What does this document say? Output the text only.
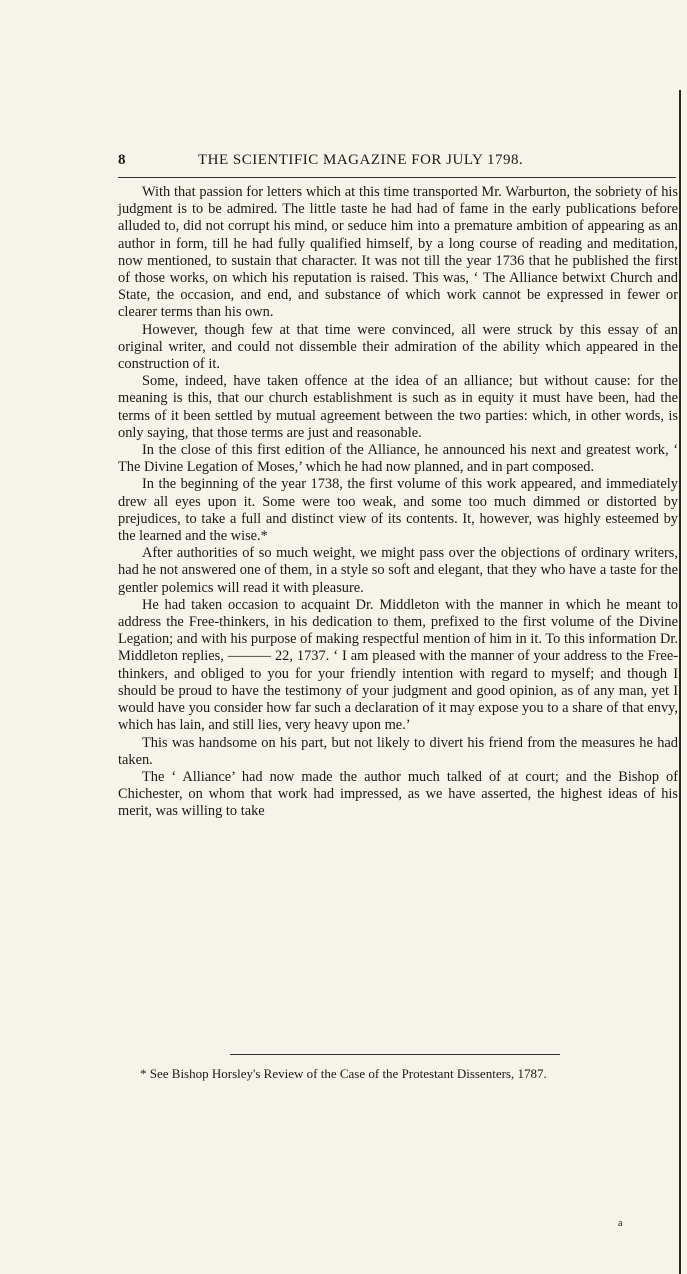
8	THE SCIENTIFIC MAGAZINE FOR JULY 1798.

With that passion for letters which at this time transported Mr. Warburton, the sobriety of his judgment is to be admired. The little taste he had had of fame in the early publications before alluded to, did not corrupt his mind, or seduce him into a premature ambition of appearing as an author in form, till he had fully qualified himself, by a long course of reading and meditation, now mentioned, to sustain that character. It was not till the year 1736 that he published the first of those works, on which his reputation is raised. This was, ‘ The Alliance betwixt Church and State, the occasion, and end, and substance of which work cannot be expressed in fewer or clearer terms than his own.

However, though few at that time were convinced, all were struck by this essay of an original writer, and could not dissemble their admiration of the ability which appeared in the construction of it.

Some, indeed, have taken offence at the idea of an alliance; but without cause: for the meaning is this, that our church establishment is such as in equity it must have been, had the terms of it been settled by mutual agreement between the two parties: which, in other words, is only saying, that those terms are just and reasonable.

In the close of this first edition of the Alliance, he announced his next and greatest work, ‘ The Divine Legation of Moses,’ which he had now planned, and in part composed.

In the beginning of the year 1738, the first volume of this work appeared, and immediately drew all eyes upon it. Some were too weak, and some too much dimmed or distorted by prejudices, to take a full and distinct view of its contents. It, however, was highly esteemed by the learned and the wise.*

After authorities of so much weight, we might pass over the objections of ordinary writers, had he not answered one of them, in a style so soft and elegant, that they who have a taste for the gentler polemics will read it with pleasure.

He had taken occasion to acquaint Dr. Middleton with the manner in which he meant to address the Free-thinkers, in his dedication to them, prefixed to the first volume of the Divine Legation; and with his purpose of making respectful mention of him in it. To this information Dr. Middleton replies, ——— 22, 1737. ‘ I am pleased with the manner of your address to the Free-thinkers, and obliged to you for your friendly intention with regard to myself; and though I should be proud to have the testimony of your judgment and good opinion, as of any man, yet I would have you consider how far such a declaration of it may expose you to a share of that envy, which has lain, and still lies, very heavy upon me.’

This was handsome on his part, but not likely to divert his friend from the measures he had taken.

The ‘ Alliance’ had now made the author much talked of at court; and the Bishop of Chichester, on whom that work had impressed, as we have asserted, the highest ideas of his merit, was willing to take

* See Bishop Horsley's Review of the Case of the Protestant Dissenters, 1787.
a
